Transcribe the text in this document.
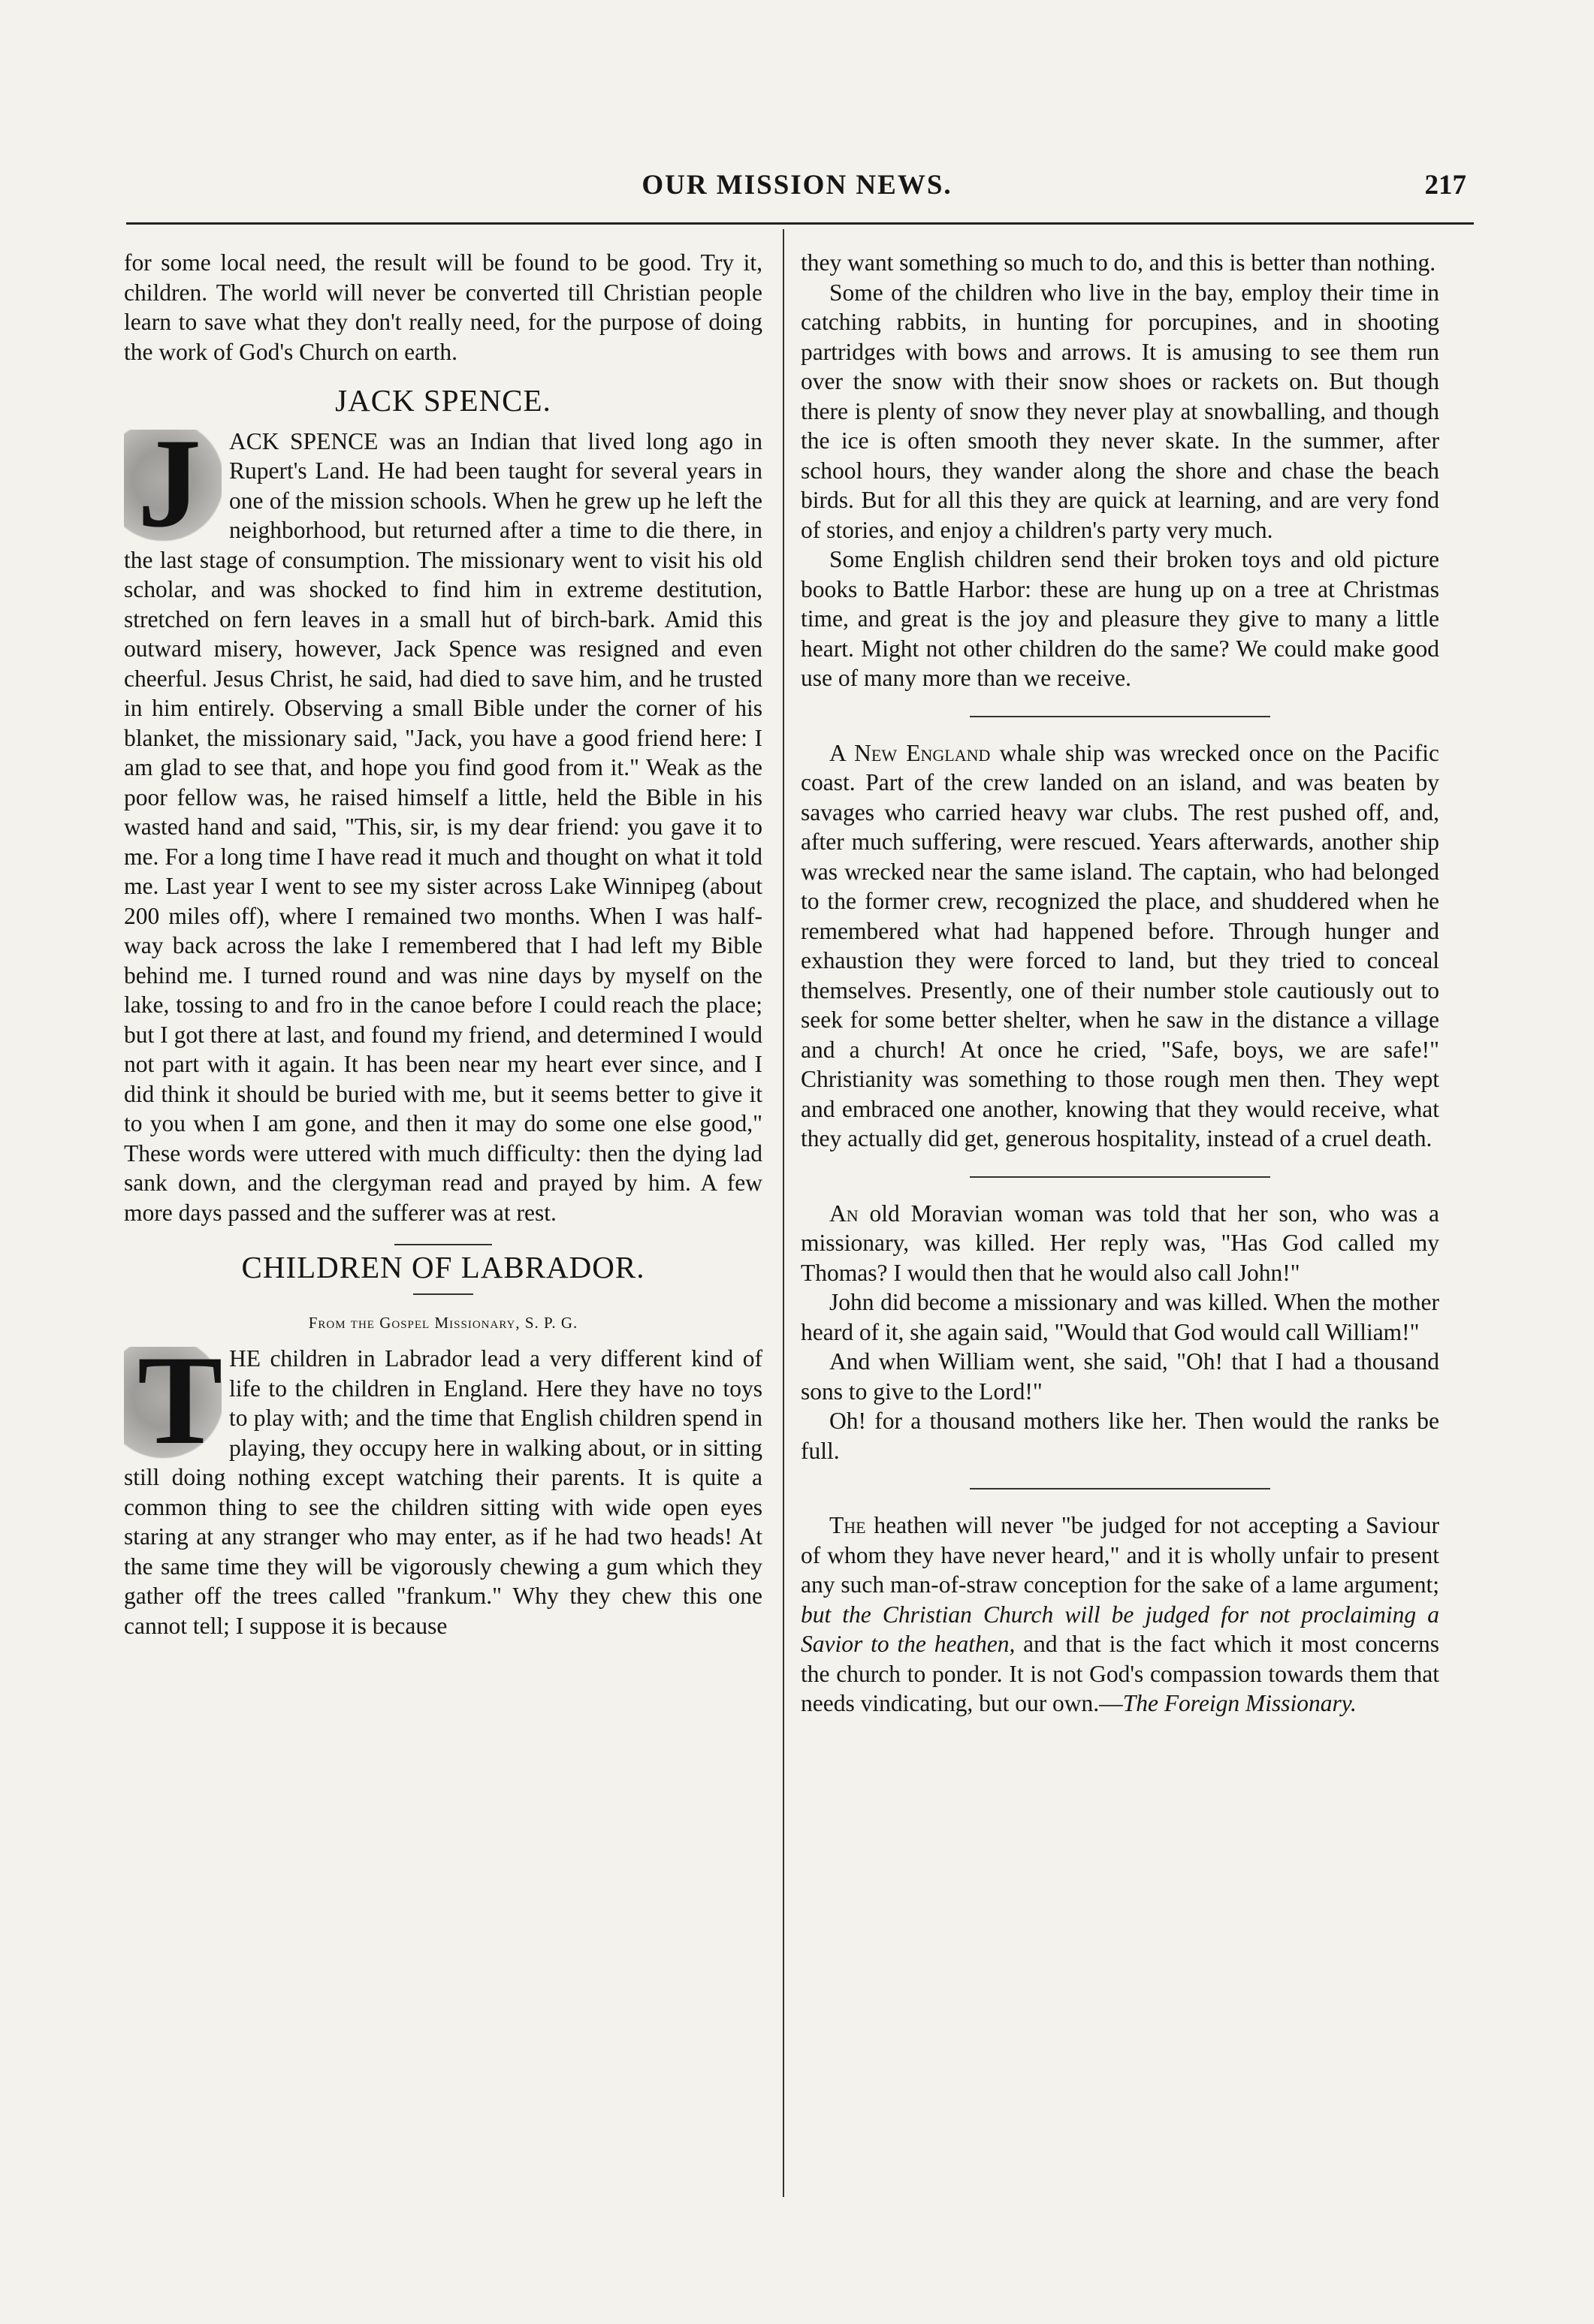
OUR MISSION NEWS.	217

for some local need, the result will be found to be good. Try it, children. The world will never be converted till Christian people learn to save what they don't really need, for the purpose of doing the work of God's Church on earth.

JACK SPENCE.

J ACK SPENCE was an Indian that lived long ago in Rupert's Land. He had been taught for several years in one of the mission schools. When he grew up he left the neighborhood, but returned after a time to die there, in the last stage of consumption. The missionary went to visit his old scholar, and was shocked to find him in extreme destitution, stretched on fern leaves in a small hut of birch-bark. Amid this outward misery, however, Jack Spence was resigned and even cheerful. Jesus Christ, he said, had died to save him, and he trusted in him entirely. Observing a small Bible under the corner of his blanket, the missionary said, "Jack, you have a good friend here: I am glad to see that, and hope you find good from it." Weak as the poor fellow was, he raised himself a little, held the Bible in his wasted hand and said, "This, sir, is my dear friend: you gave it to me. For a long time I have read it much and thought on what it told me. Last year I went to see my sister across Lake Winnipeg (about 200 miles off), where I remained two months. When I was half-way back across the lake I remembered that I had left my Bible behind me. I turned round and was nine days by myself on the lake, tossing to and fro in the canoe before I could reach the place; but I got there at last, and found my friend, and determined I would not part with it again. It has been near my heart ever since, and I did think it should be buried with me, but it seems better to give it to you when I am gone, and then it may do some one else good," These words were uttered with much difficulty: then the dying lad sank down, and the clergyman read and prayed by him. A few more days passed and the sufferer was at rest.

CHILDREN OF LABRADOR.
From the Gospel Missionary, S. P. G.

T HE children in Labrador lead a very different kind of life to the children in England. Here they have no toys to play with; and the time that English children spend in playing, they occupy here in walking about, or in sitting still doing nothing except watching their parents. It is quite a common thing to see the children sitting with wide open eyes staring at any stranger who may enter, as if he had two heads! At the same time they will be vigorously chewing a gum which they gather off the trees called "frankum." Why they chew this one cannot tell; I suppose it is because

they want something so much to do, and this is better than nothing.

Some of the children who live in the bay, employ their time in catching rabbits, in hunting for porcupines, and in shooting partridges with bows and arrows. It is amusing to see them run over the snow with their snow shoes or rackets on. But though there is plenty of snow they never play at snowballing, and though the ice is often smooth they never skate. In the summer, after school hours, they wander along the shore and chase the beach birds. But for all this they are quick at learning, and are very fond of stories, and enjoy a children's party very much.

Some English children send their broken toys and old picture books to Battle Harbor: these are hung up on a tree at Christmas time, and great is the joy and pleasure they give to many a little heart. Might not other children do the same? We could make good use of many more than we receive.

A New England whale ship was wrecked once on the Pacific coast. Part of the crew landed on an island, and was beaten by savages who carried heavy war clubs. The rest pushed off, and, after much suffering, were rescued. Years afterwards, another ship was wrecked near the same island. The captain, who had belonged to the former crew, recognized the place, and shuddered when he remembered what had happened before. Through hunger and exhaustion they were forced to land, but they tried to conceal themselves. Presently, one of their number stole cautiously out to seek for some better shelter, when he saw in the distance a village and a church! At once he cried, "Safe, boys, we are safe!" Christianity was something to those rough men then. They wept and embraced one another, knowing that they would receive, what they actually did get, generous hospitality, instead of a cruel death.

An old Moravian woman was told that her son, who was a missionary, was killed. Her reply was, "Has God called my Thomas? I would then that he would also call John!"

John did become a missionary and was killed. When the mother heard of it, she again said, "Would that God would call William!"

And when William went, she said, "Oh! that I had a thousand sons to give to the Lord!"

Oh! for a thousand mothers like her. Then would the ranks be full.

The heathen will never "be judged for not accepting a Saviour of whom they have never heard," and it is wholly unfair to present any such man-of-straw conception for the sake of a lame argument; but the Christian Church will be judged for not proclaiming a Savior to the heathen, and that is the fact which it most concerns the church to ponder. It is not God's compassion towards them that needs vindicating, but our own.—The Foreign Missionary.
